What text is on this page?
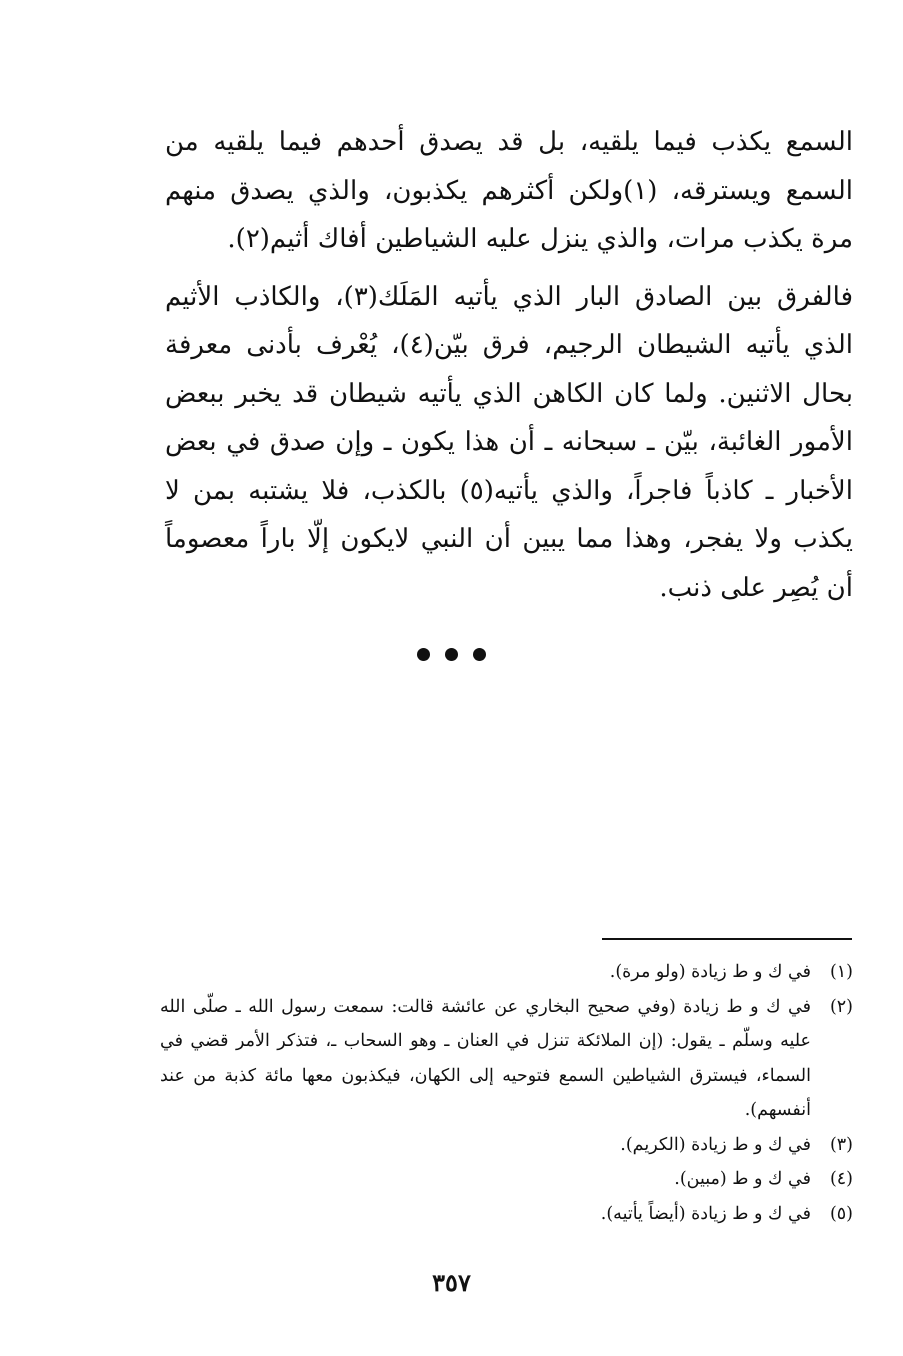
السمع يكذب فيما يلقيه، بل قد يصدق أحدهم فيما يلقيه من السمع ويسترقه، (١)ولكن أكثرهم يكذبون، والذي يصدق منهم مرة يكذب مرات، والذي ينزل عليه الشياطين أفاك أثيم(٢).

فالفرق بين الصادق البار الذي يأتيه المَلَك(٣)، والكاذب الأثيم الذي يأتيه الشيطان الرجيم، فرق بيّن(٤)، يُعْرف بأدنى معرفة بحال الاثنين. ولما كان الكاهن الذي يأتيه شيطان قد يخبر ببعض الأمور الغائبة، بيّن ـ سبحانه ـ أن هذا يكون ـ وإن صدق في بعض الأخبار ـ كاذباً فاجراً، والذي يأتيه(٥) بالكذب، فلا يشتبه بمن لا يكذب ولا يفجر، وهذا مما يبين أن النبي لايكون إلّا باراً معصوماً أن يُصِر على ذنب.

(١)
في ك و ط زيادة (ولو مرة).
(٢)
في ك و ط زيادة (وفي صحيح البخاري عن عائشة قالت: سمعت رسول الله ـ صلّى الله عليه وسلّم ـ يقول: (إن الملائكة تنزل في العنان ـ وهو السحاب ـ، فتذكر الأمر قضي في السماء، فيسترق الشياطين السمع فتوحيه إلى الكهان، فيكذبون معها مائة كذبة من عند أنفسهم).
(٣)
في ك و ط زيادة (الكريم).
(٤)
في ك و ط (مبين).
(٥)
في ك و ط زيادة (أيضاً يأتيه).
٣٥٧
